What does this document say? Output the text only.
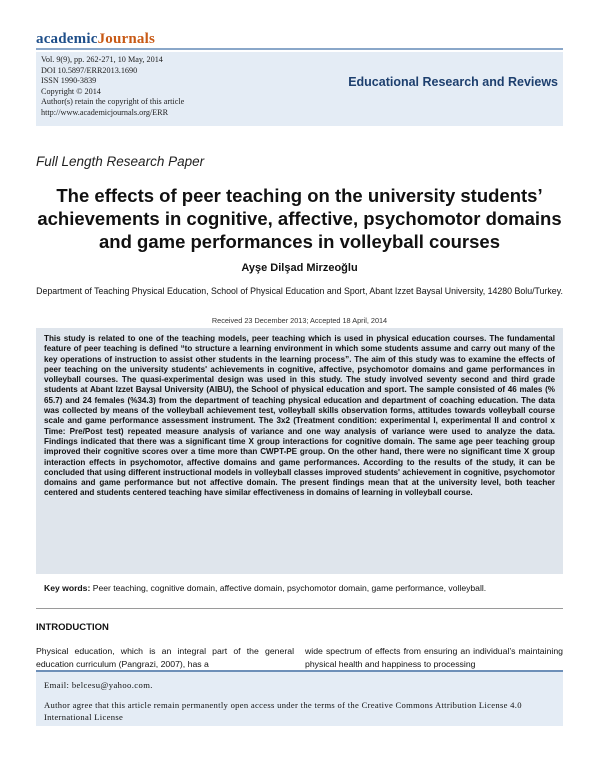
academicJournals
Vol. 9(9), pp. 262-271, 10 May, 2014
DOI 10.5897/ERR2013.1690
ISSN 1990-3839
Copyright © 2014
Author(s) retain the copyright of this article
http://www.academicjournals.org/ERR
Educational Research and Reviews
Full Length Research Paper
The effects of peer teaching on the university students’ achievements in cognitive, affective, psychomotor domains and game performances in volleyball courses
Ayşe Dilşad Mirzeoğlu
Department of Teaching Physical Education, School of Physical Education and Sport, Abant Izzet Baysal University, 14280 Bolu/Turkey.
Received 23 December 2013; Accepted 18 April, 2014
This study is related to one of the teaching models, peer teaching which is used in physical education courses. The fundamental feature of peer teaching is defined “to structure a learning environment in which some students assume and carry out many of the key operations of instruction to assist other students in the learning process”. The aim of this study was to examine the effects of peer teaching on the university students' achievements in cognitive, affective, psychomotor domains and game performances in volleyball courses. The quasi-experimental design was used in this study. The study involved seventy second and third grade students at Abant Izzet Baysal University (AIBU), the School of physical education and sport. The sample consisted of 46 males (% 65.7) and 24 females (%34.3) from the department of teaching physical education and department of coaching education. The data was collected by means of the volleyball achievement test, volleyball skills observation forms, attitudes towards volleyball course scale and game performance assessment instrument. The 3x2 (Treatment condition: experimental I, experimental II and control x Time: Pre/Post test) repeated measure analysis of variance and one way analysis of variance were used to analyze the data. Findings indicated that there was a significant time X group interactions for cognitive domain. The same age peer teaching group improved their cognitive scores over a time more than CWPT-PE group. On the other hand, there were no significant time X group interaction effects in psychomotor, affective domains and game performances. According to the results of the study, it can be concluded that using different instructional models in volleyball classes improved students' achievement in cognitive, psychomotor domains and game performance but not affective domain. The present findings mean that at the university level, both teacher centered and students centered teaching have similar effectiveness in domains of learning in volleyball course.
Key words: Peer teaching, cognitive domain, affective domain, psychomotor domain, game performance, volleyball.
INTRODUCTION
Physical education, which is an integral part of the general education curriculum (Pangrazi, 2007), has a
wide spectrum of effects from ensuring an individual’s maintaining physical health and happiness to processing
Email: belcesu@yahoo.com.
Author agree that this article remain permanently open access under the terms of the Creative Commons Attribution License 4.0 International License
